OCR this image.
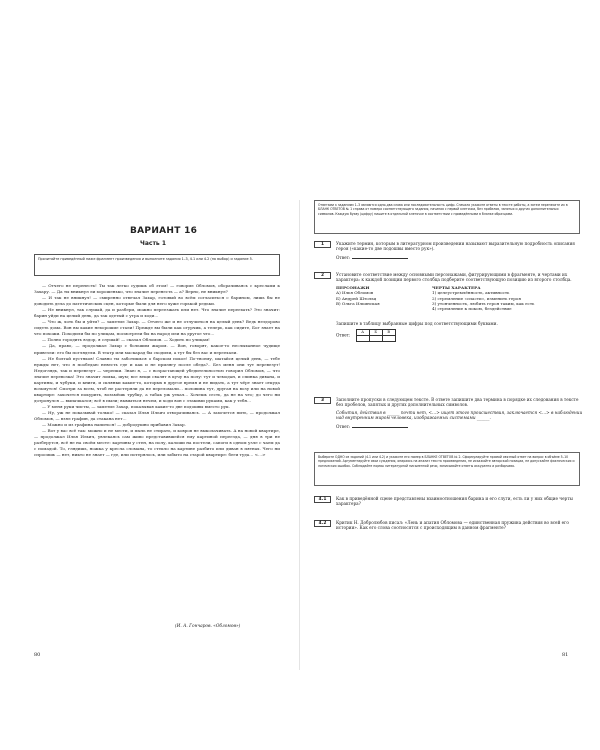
ВАРИАНТ 16
Часть 1
Прочитайте приведённый ниже фрагмент произведения и выполните задания 1–3, 4.1 или 4.2 (на выбор) и задание 5.

— Отчего не перенесть! Ты так легко судишь об этом! — говорил Обломов, оборачиваясь с креслами к Захару. — Да ты вникнул ли хорошенько, что значит перенесть — а? Верно, не вникнул?

— И так не вникнул! — смиренно отвечал Захар, готовый во всём согласиться с барином, лишь бы не доводить дела до патетических сцен, которые были для него хуже горькой редьки.

— Не вникнул, так слушай, да и разбери, можно переезжать или нет. Что значит переехать? Это значит: барин уйди на целый день, да так одетый с утра и ходи…

— Что ж, хоть бы и уйти? — заметил Захар. — Отчего же и не отлучиться на целый день? Ведь нездорово сидеть дома. Вон вы какие нехорошие стали! Прежде вы были как огурчик, а теперь, как сидите, Бог знает на что похожи. Походили бы по улицам, посмотрели бы на народ или на другое что…

— Полно городить вздор, я слушай! — сказал Обломов. — Ходить по улицам!

— Да, право, — продолжал Захар с большим жаром. — Вон, говорят, какое-то неслыханное чудище привезли: его бы поглядели. В театр или маскарад бы сходили, а тут бы без вас и переехали.

— Не болтай пустяков! Славно ты заботишься о барском покое! По-твоему, шатайся целый день, — тебе нужды нет, что я пообедаю невесть где и как и не прилягу после обеда?.. Без меня они тут перевезут! Недоглядь, так и перевезут — черепки. Знаю я, — с возрастающей убедительностью говорил Обломов, — что значит перевозка! Это значит ломка, шум; все вещи свалят в кучу на полу: тут и чемодан, и спинка дивана, и картины, и чубуки, и книги, и склянки какие-то, которых в другое время и не видать, а тут чёрт знает откуда возьмутся! Смотри за всем, чтоб не растеряли да не переломали… половина тут, другая на возу или на новой квартире: захочется покурить, возьмёшь трубку, а табак уж уехал… Хочешь сесть, да не на что; до чего ни дотронулся — выпачкался; всё в пыли; вымыться нечем, и ходи вон с этакими руками, как у тебя…

— У меня руки чисты, — заметил Захар, показывая какие-то две подошвы вместо рук.

— Ну, уж не показывай только! — сказал Илья Ильич отворачиваясь. — А захочется пить, — продолжал Обломов, — взял графин, да стакана нет…

— Можно и из графина напиться! — добродушно прибавил Захар.

— Вот у вас всё так: можно и не мести, и пыль не стирать, и ковров не выколачивать. А на новой квартире, — продолжал Илья Ильич, увлекаясь сам живо представившейся ему картиной переезда, — дня в три не разберутся, всё не на своём месте: картины у стен, на полу, калоши на постели, сапоги в одном узле с чаем да с помадой. То, глядишь, ножка у кресла сломана, то стекло на картине разбито или диван в пятнах. Чего ни спросишь — нет, никто не знает — где, или потерялось, или забыто на старой квартире: беги туда… <…>

(И. А. Гончаров. «Обломов»)
80
Ответами к заданиям 1–3 являются одно-два слова или последовательность цифр. Сначала укажите ответы в тексте работы, а затем перенесите их в БЛАНК ОТВЕТОВ № 1 справа от номера соответствующего задания, начиная с первой клеточки, без пробелов, запятых и других дополнительных символов. Каждую букву (цифру) пишите в отдельной клеточке в соответствии с приведёнными в бланке образцами.
1	Укажите термин, которым в литературном произведении называют выразительную подробность описания героя («какие-то две подошвы вместо рук»).

Ответ:
2	Установите соответствие между основными персонажами, фигурирующими в фрагменте, и чертами их характера: к каждой позиции первого столбца подберите соответствующую позицию из второго столбца.

ПЕРСОНАЖИ
А) Илья Обломов
Б) Андрей Штольц
В) Ольга Ильинская
ЧЕРТЫ ХАРАКТЕРА
1) целеустремлённость, активность
2) стремление «спасти», изменить героя
3) утонченность, любить героя таким, как есть
4) стремление к покою, бездействие

Запишите в таблицу выбранные цифры под соответствующими буквами.

Ответ: А	Б	В

3	Заполните пропуски в следующем тексте. В ответе запишите два термина в порядке их следования в тексте без пробелов, запятых и других дополнительных символов.

События, действия в ______ почти нет, <…> ищет этого происшествия, заключается <…> в наблюдении над внутренним миром человека, изображаемых системами ______.

Ответ:
Выберите ОДНО из заданий (4.1 или 4.2) и укажите его номер в БЛАНКЕ ОТВЕТОВ № 2. Сформулируйте прямой связный ответ на вопрос в объёме 5–10 предложений. Аргументируйте свои суждения, опираясь на анализ текста произведения, не искажайте авторской позиции, не допускайте фактических и логических ошибок. Соблюдайте нормы литературной письменной речи, записывайте ответы аккуратно и разборчиво.
4.1	Как в приведённой сцене представлены взаимоотношения барина и его слуги, есть ли у них общие черты характера?

4.2	Критик Н. Добролюбов писал: «Лень и апатия Обломова — единственная пружина действия во всей его истории». Как его слова соотносятся с происходящим в данном фрагменте?

81
